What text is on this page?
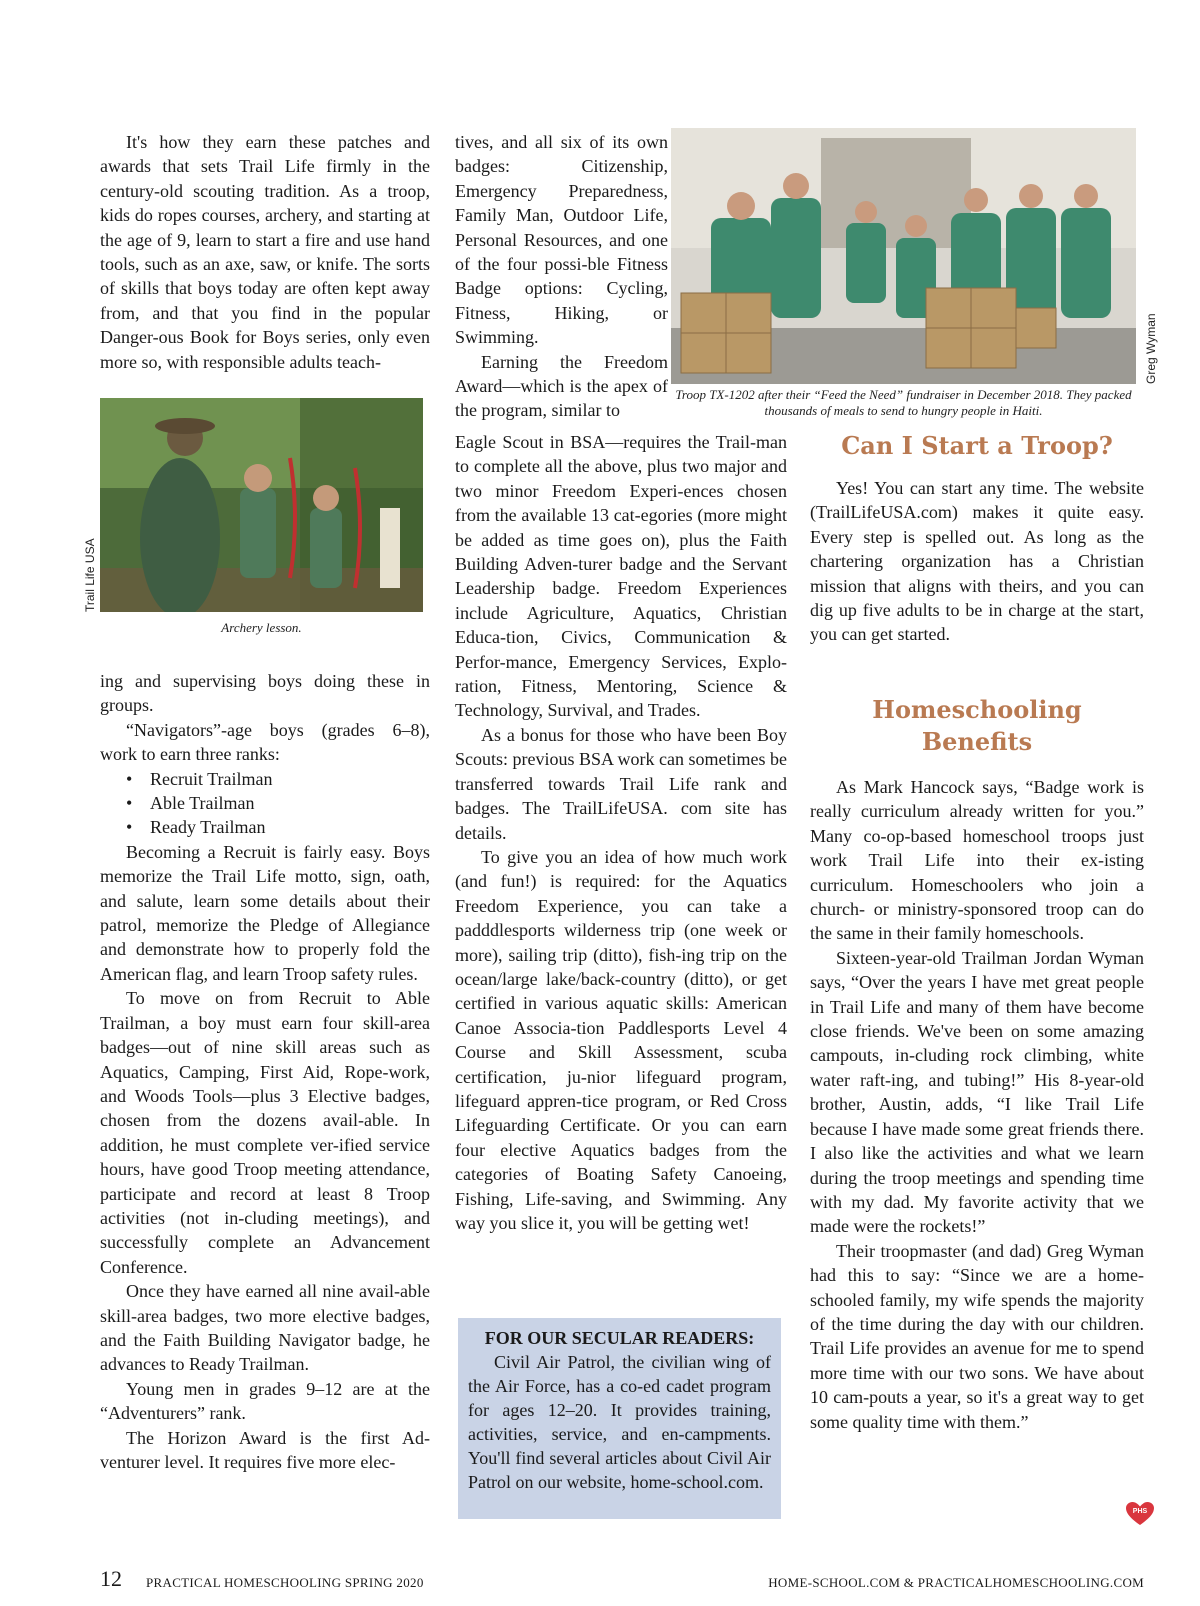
It's how they earn these patches and awards that sets Trail Life firmly in the century-old scouting tradition. As a troop, kids do ropes courses, archery, and starting at the age of 9, learn to start a fire and use hand tools, such as an axe, saw, or knife. The sorts of skills that boys today are often kept away from, and that you find in the popular Danger-ous Book for Boys series, only even more so, with responsible adults teach-

Trail Life USA
Archery lesson.

ing and supervising boys doing these in groups.

“Navigators”-age boys (grades 6–8), work to earn three ranks:

• Recruit Trailman
• Able Trailman
• Ready Trailman

Becoming a Recruit is fairly easy. Boys memorize the Trail Life motto, sign, oath, and salute, learn some details about their patrol, memorize the Pledge of Allegiance and demonstrate how to properly fold the American flag, and learn Troop safety rules.

To move on from Recruit to Able Trailman, a boy must earn four skill-area badges—out of nine skill areas such as Aquatics, Camping, First Aid, Rope-work, and Woods Tools—plus 3 Elective badges, chosen from the dozens avail-able. In addition, he must complete ver-ified service hours, have good Troop meeting attendance, participate and record at least 8 Troop activities (not in-cluding meetings), and successfully complete an Advancement Conference.

Once they have earned all nine avail-able skill-area badges, two more elective badges, and the Faith Building Navigator badge, he advances to Ready Trailman.

Young men in grades 9–12 are at the “Adventurers” rank.

The Horizon Award is the first Ad-venturer level. It requires five more elec-

tives, and all six of its own badges: Citizenship, Emergency Preparedness, Family Man, Outdoor Life, Personal Resources, and one of the four possi-ble Fitness Badge options: Cycling, Fitness, Hiking, or Swimming.

Earning the Freedom Award—which is the apex of the program, similar to

Eagle Scout in BSA—requires the Trail-man to complete all the above, plus two major and two minor Freedom Experi-ences chosen from the available 13 cat-egories (more might be added as time goes on), plus the Faith Building Adven-turer badge and the Servant Leadership badge. Freedom Experiences include Agriculture, Aquatics, Christian Educa-tion, Civics, Communication & Perfor-mance, Emergency Services, Explo-ration, Fitness, Mentoring, Science & Technology, Survival, and Trades.

As a bonus for those who have been Boy Scouts: previous BSA work can sometimes be transferred towards Trail Life rank and badges. The TrailLifeUSA. com site has details.

To give you an idea of how much work (and fun!) is required: for the Aquatics Freedom Experience, you can take a padddlesports wilderness trip (one week or more), sailing trip (ditto), fish-ing trip on the ocean/large lake/back-country (ditto), or get certified in various aquatic skills: American Canoe Associa-tion Paddlesports Level 4 Course and Skill Assessment, scuba certification, ju-nior lifeguard program, lifeguard appren-tice program, or Red Cross Lifeguarding Certificate. Or you can earn four elective Aquatics badges from the categories of Boating Safety Canoeing, Fishing, Life-saving, and Swimming. Any way you slice it, you will be getting wet!

FOR OUR SECULAR READERS:
Civil Air Patrol, the civilian wing of the Air Force, has a co-ed cadet program for ages 12–20. It provides training, activities, service, and en-campments. You'll find several articles about Civil Air Patrol on our website, home-school.com.
Greg Wyman
Troop TX-1202 after their “Feed the Need” fundraiser in December 2018. They packed thousands of meals to send to hungry people in Haiti.
Can I Start a Troop?

Yes! You can start any time. The website (TrailLifeUSA.com) makes it quite easy. Every step is spelled out. As long as the chartering organization has a Christian mission that aligns with theirs, and you can dig up five adults to be in charge at the start, you can get started.

Homeschooling Benefits

As Mark Hancock says, “Badge work is really curriculum already written for you.” Many co-op-based homeschool troops just work Trail Life into their ex-isting curriculum. Homeschoolers who join a church- or ministry-sponsored troop can do the same in their family homeschools.

Sixteen-year-old Trailman Jordan Wyman says, “Over the years I have met great people in Trail Life and many of them have become close friends. We've been on some amazing campouts, in-cluding rock climbing, white water raft-ing, and tubing!” His 8-year-old brother, Austin, adds, “I like Trail Life because I have made some great friends there. I also like the activities and what we learn during the troop meetings and spending time with my dad. My favorite activity that we made were the rockets!”

Their troopmaster (and dad) Greg Wyman had this to say: “Since we are a home-schooled family, my wife spends the majority of the time during the day with our children. Trail Life provides an avenue for me to spend more time with our two sons. We have about 10 cam-pouts a year, so it's a great way to get some quality time with them.”

PHS
12 PRACTICAL HOMESCHOOLING SPRING 2020	HOME-SCHOOL.COM & PRACTICALHOMESCHOOLING.COM
